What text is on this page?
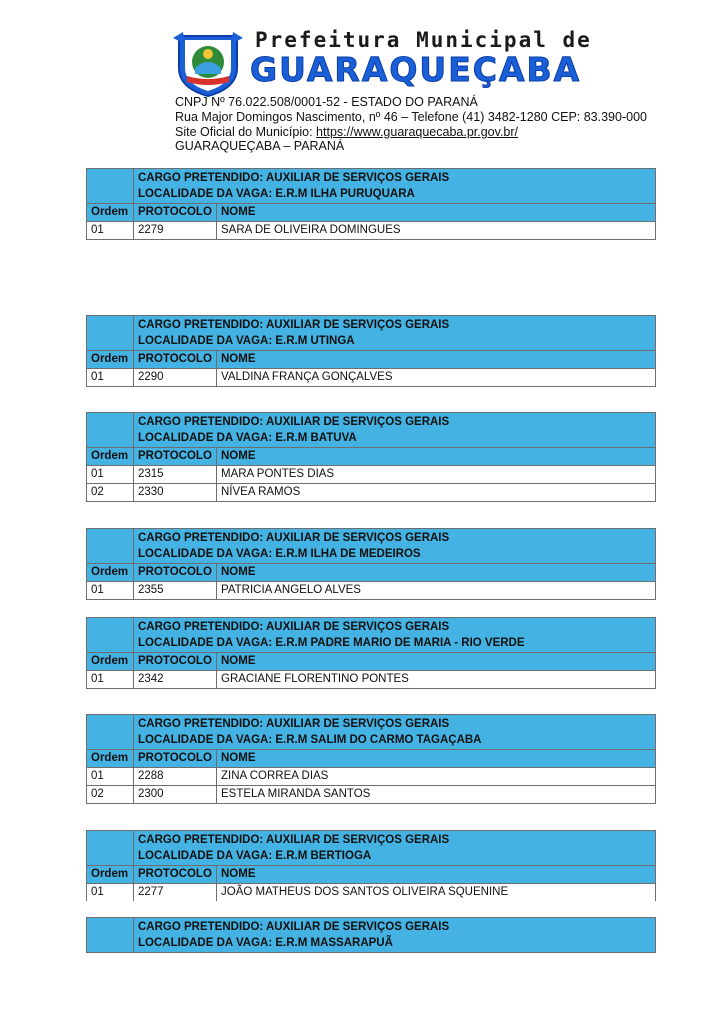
Prefeitura Municipal de
GUARAQUEÇABA
CNPJ Nº 76.022.508/0001-52 - ESTADO DO PARANÁ
Rua Major Domingos Nascimento, nº 46 – Telefone (41) 3482-1280 CEP: 83.390-000
Site Oficial do Município: https://www.guaraquecaba.pr.gov.br/
GUARAQUEÇABA – PARANÁ

	CARGO PRETENDIDO: AUXILIAR DE SERVIÇOS GERAIS
LOCALIDADE DA VAGA: E.R.M ILHA PURUQUARA	

Ordem	PROTOCOLO	NOME
01	2279	SARA DE OLIVEIRA DOMINGUES

	CARGO PRETENDIDO: AUXILIAR DE SERVIÇOS GERAIS
LOCALIDADE DA VAGA: E.R.M UTINGA	

Ordem	PROTOCOLO	NOME
01	2290	VALDINA FRANÇA GONÇALVES

	CARGO PRETENDIDO: AUXILIAR DE SERVIÇOS GERAIS
LOCALIDADE DA VAGA: E.R.M BATUVA	

Ordem	PROTOCOLO	NOME
01	2315	MARA PONTES DIAS
02	2330	NÍVEA RAMOS

	CARGO PRETENDIDO: AUXILIAR DE SERVIÇOS GERAIS
LOCALIDADE DA VAGA: E.R.M ILHA DE MEDEIROS	

Ordem	PROTOCOLO	NOME
01	2355	PATRICIA ANGELO ALVES

	CARGO PRETENDIDO: AUXILIAR DE SERVIÇOS GERAIS
LOCALIDADE DA VAGA: E.R.M PADRE MARIO DE MARIA - RIO VERDE	

Ordem	PROTOCOLO	NOME
01	2342	GRACIANE FLORENTINO PONTES

	CARGO PRETENDIDO: AUXILIAR DE SERVIÇOS GERAIS
LOCALIDADE DA VAGA: E.R.M SALIM DO CARMO TAGAÇABA	

Ordem	PROTOCOLO	NOME
01	2288	ZINA CORREA DIAS
02	2300	ESTELA MIRANDA SANTOS

	CARGO PRETENDIDO: AUXILIAR DE SERVIÇOS GERAIS
LOCALIDADE DA VAGA: E.R.M BERTIOGA	

Ordem	PROTOCOLO	NOME
01	2277	JOÃO MATHEUS DOS SANTOS OLIVEIRA SQUENINE

CARGO PRETENDIDO: AUXILIAR DE SERVIÇOS GERAIS
LOCALIDADE DA VAGA: E.R.M MASSARAPUÃ
